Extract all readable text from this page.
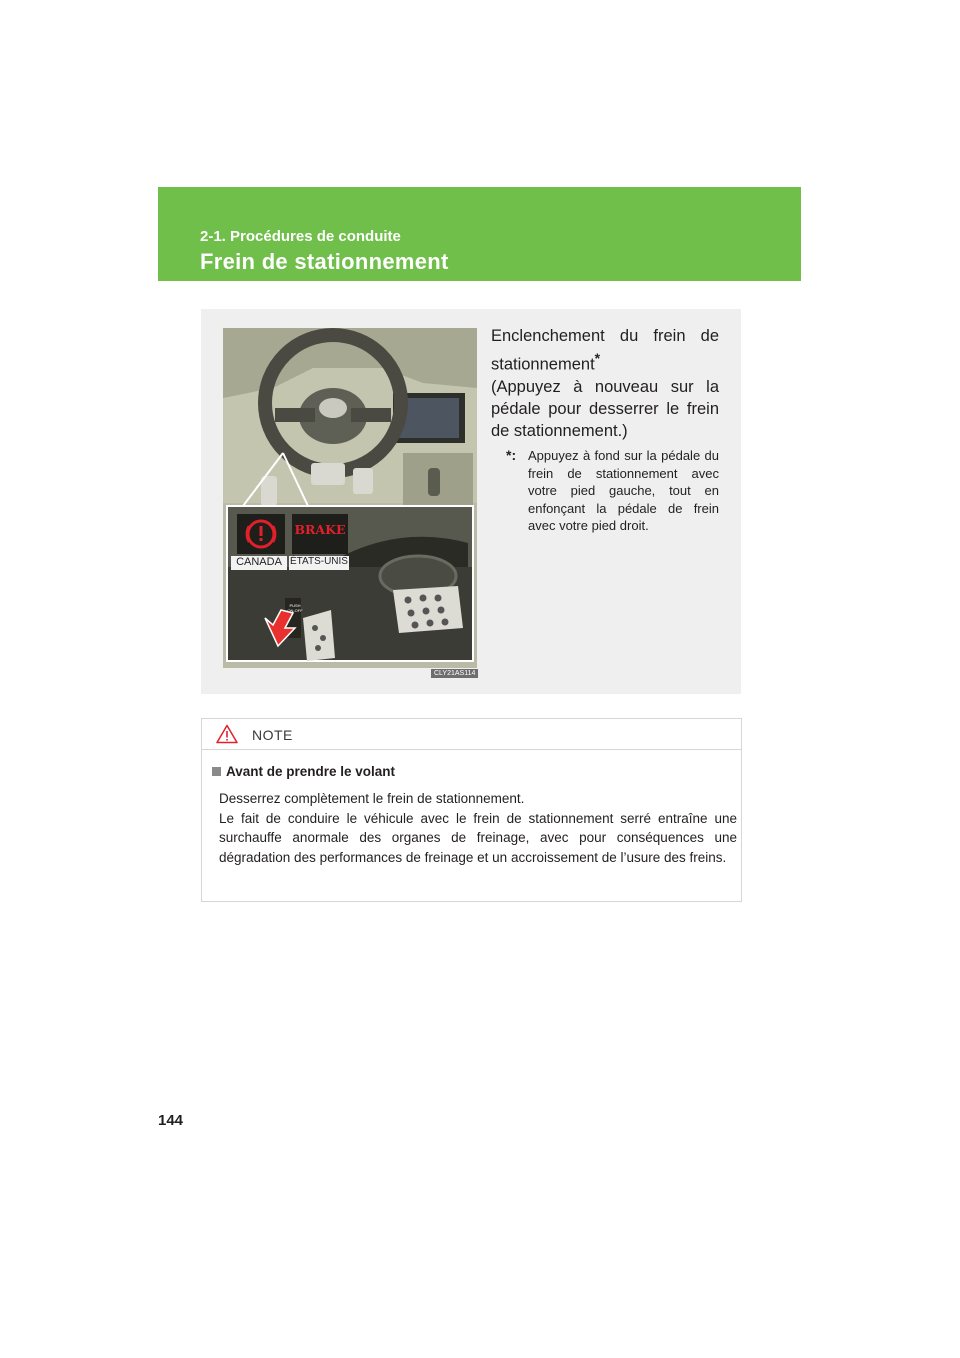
2-1. Procédures de conduite
Frein de stationnement
BRAKE
CANADA ÉTATS-UNIS
PUSH
ON-OFF
CLY21AS114
Enclenchement du frein de stationnement*
(Appuyez à nouveau sur la pédale pour desserrer le frein de stationnement.)
*: Appuyez à fond sur la pédale du frein de stationnement avec votre pied gauche, tout en enfonçant la pédale de frein avec votre pied droit.
NOTE
Avant de prendre le volant

Desserrez complètement le frein de stationnement.

Le fait de conduire le véhicule avec le frein de stationnement serré entraîne une surchauffe anormale des organes de freinage, avec pour conséquences une dégradation des performances de freinage et un accroissement de l’usure des freins.

144
